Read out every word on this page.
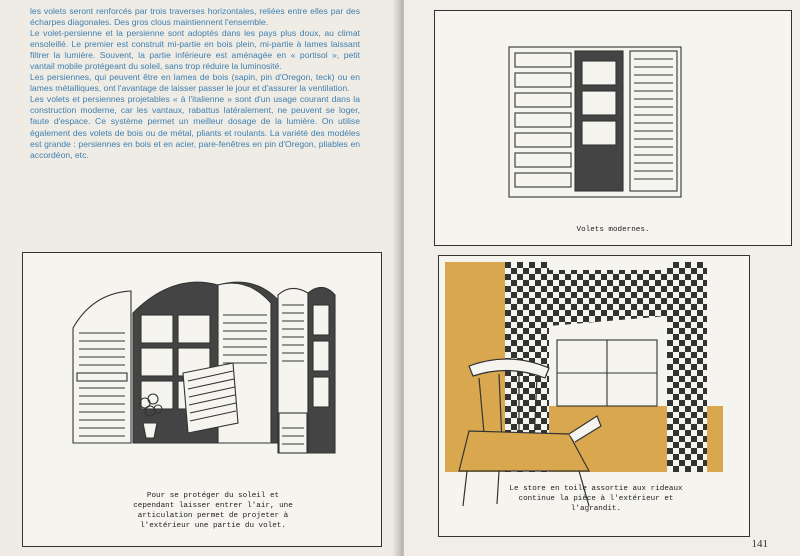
les volets seront renforcés par trois traverses horizontales, reliées entre elles par des écharpes diagonales. Des gros clous maintiennent l'ensemble.

Le volet-persienne et la persienne sont adoptés dans les pays plus doux, au climat ensoleillé. Le premier est construit mi-partie en bois plein, mi-partie à lames laissant filtrer la lumière. Souvent, la partie inférieure est aménagée en « portisol », petit vantail mobile protégeant du soleil, sans trop réduire la luminosité.

Les persiennes, qui peuvent être en lames de bois (sapin, pin d'Oregon, teck) ou en lames métalliques, ont l'avantage de laisser passer le jour et d'assurer la ventilation.

Les volets et persiennes projetables « à l'italienne » sont d'un usage courant dans la construction moderne, car les vantaux, rabattus latéralement, ne peuvent se loger, faute d'espace. Ce système permet un meilleur dosage de la lumière. On utilise également des volets de bois ou de métal, pliants et roulants. La variété des modèles est grande : persiennes en bois et en acier, pare-fenêtres en pin d'Oregon, pliables en accordéon, etc.

Pour se protéger du soleil et cependant laisser entrer l'air, une articulation permet de projeter à l'extérieur une partie du volet.
Volets modernes.
Le store en toile assortie aux rideaux continue la pièce à l'extérieur et l'agrandit.
141
